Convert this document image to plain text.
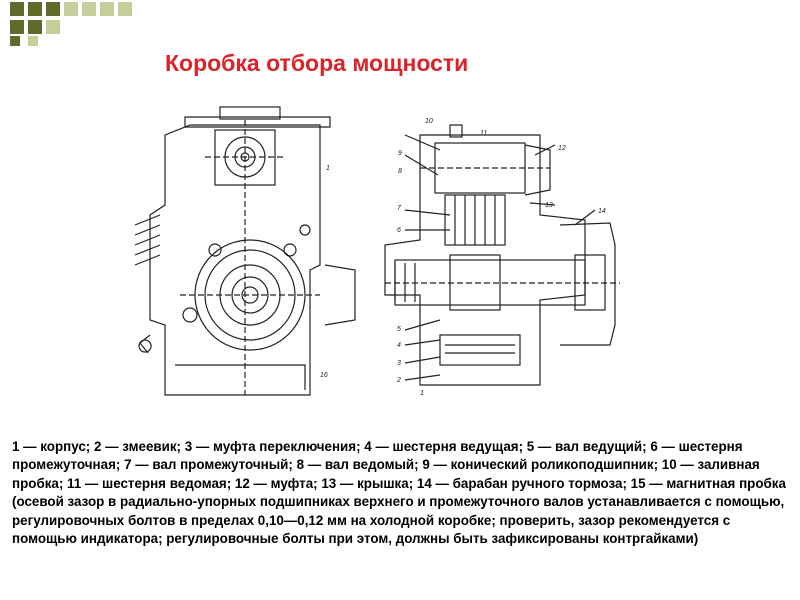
Коробка отбора мощности
1
16
10
11
12
9
8
13
7
6
14
5
4
3
2
1
1 — корпус; 2 — змеевик; 3 — муфта переключения; 4 — шестерня ведущая; 5 — вал ведущий; 6 — шестерня промежуточная; 7 — вал промежуточный; 8 — вал ведомый; 9 — конический роликоподшипник; 10 — заливная пробка; 11 — шестерня ведомая; 12 — муфта; 13 — крышка; 14 — барабан ручного тормоза; 15 — магнитная пробка (осевой зазор в радиально-упорных подшипниках верхнего и промежуточного валов устанавливается с помощью, регулировочных болтов в пределах 0,10—0,12 мм на холодной коробке; проверить, зазор рекомендуется с помощью индикатора; регулировочные болты при этом, должны быть зафиксированы контргайками)
